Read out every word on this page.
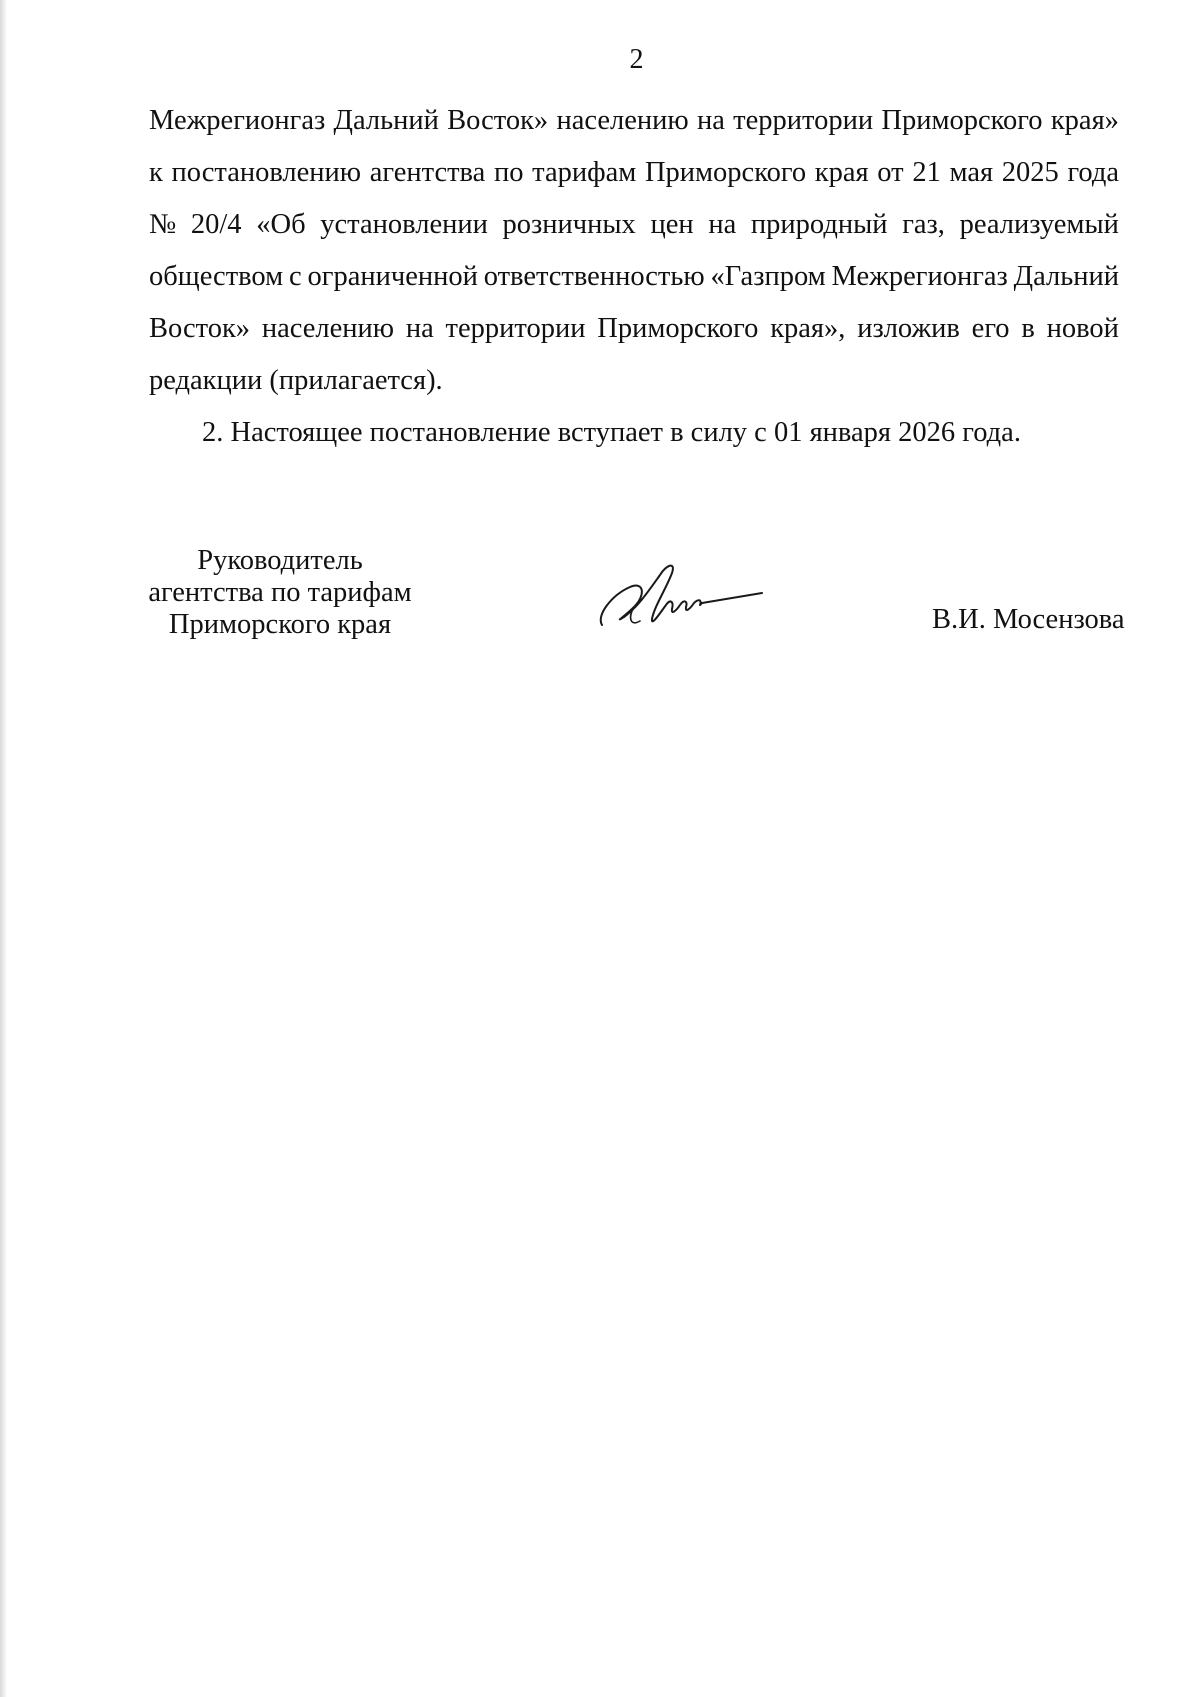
2
Межрегионгаз Дальний Восток» населению на территории Приморского края»
к постановлению агентства по тарифам Приморского края от 21 мая 2025 года
№ 20/4 «Об установлении розничных цен на природный газ, реализуемый
обществом с ограниченной ответственностью «Газпром Межрегионгаз Дальний
Восток» населению на территории Приморского края», изложив его в новой
редакции (прилагается).
2. Настоящее постановление вступает в силу с 01 января 2026 года.
Руководитель
агентства по тарифам
Приморского края	В.И. Мосензова
